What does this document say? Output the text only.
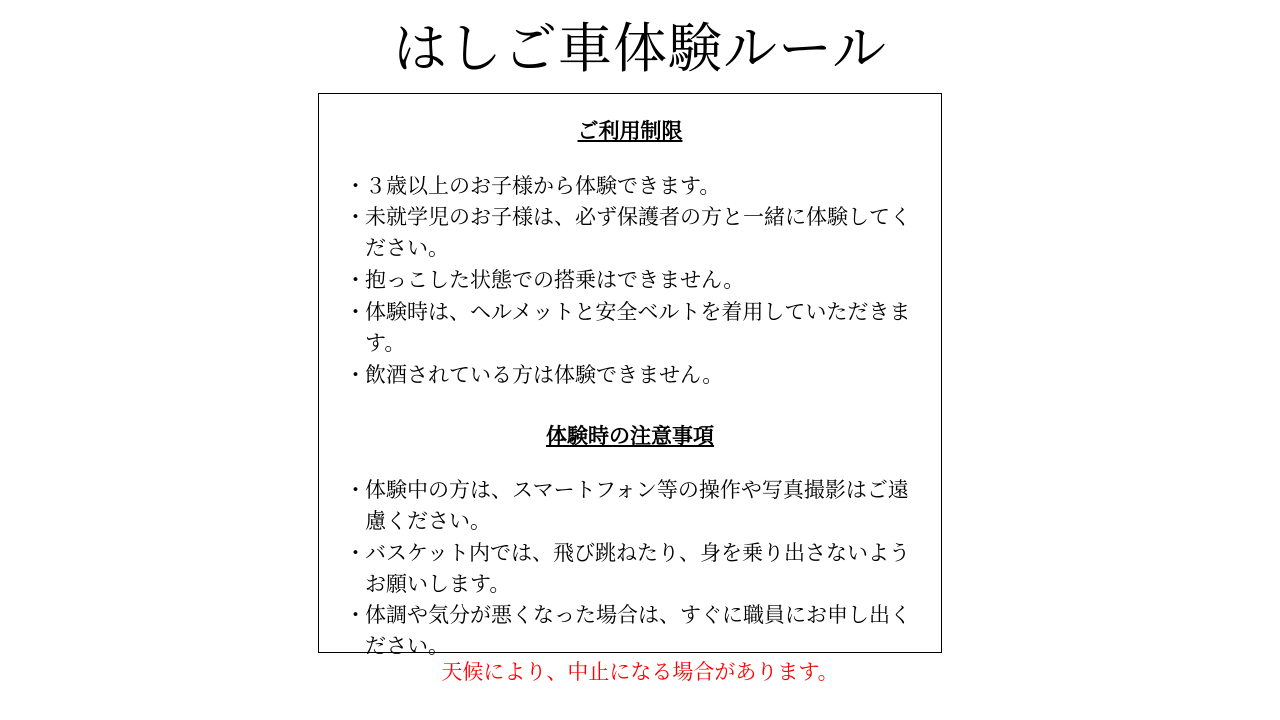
はしご車体験ルール
ご利用制限
・ ３歳以上のお子様から体験できます。
・ 未就学児のお子様は、必ず保護者の方と一緒に体験してください。
・ 抱っこした状態での搭乗はできません。
・ 体験時は、ヘルメットと安全ベルトを着用していただきます。
・ 飲酒されている方は体験できません。
体験時の注意事項
・ 体験中の方は、スマートフォン等の操作や写真撮影はご遠慮ください。
・ バスケット内では、飛び跳ねたり、身を乗り出さないようお願いします。
・ 体調や気分が悪くなった場合は、すぐに職員にお申し出ください。
天候により、中止になる場合があります。
